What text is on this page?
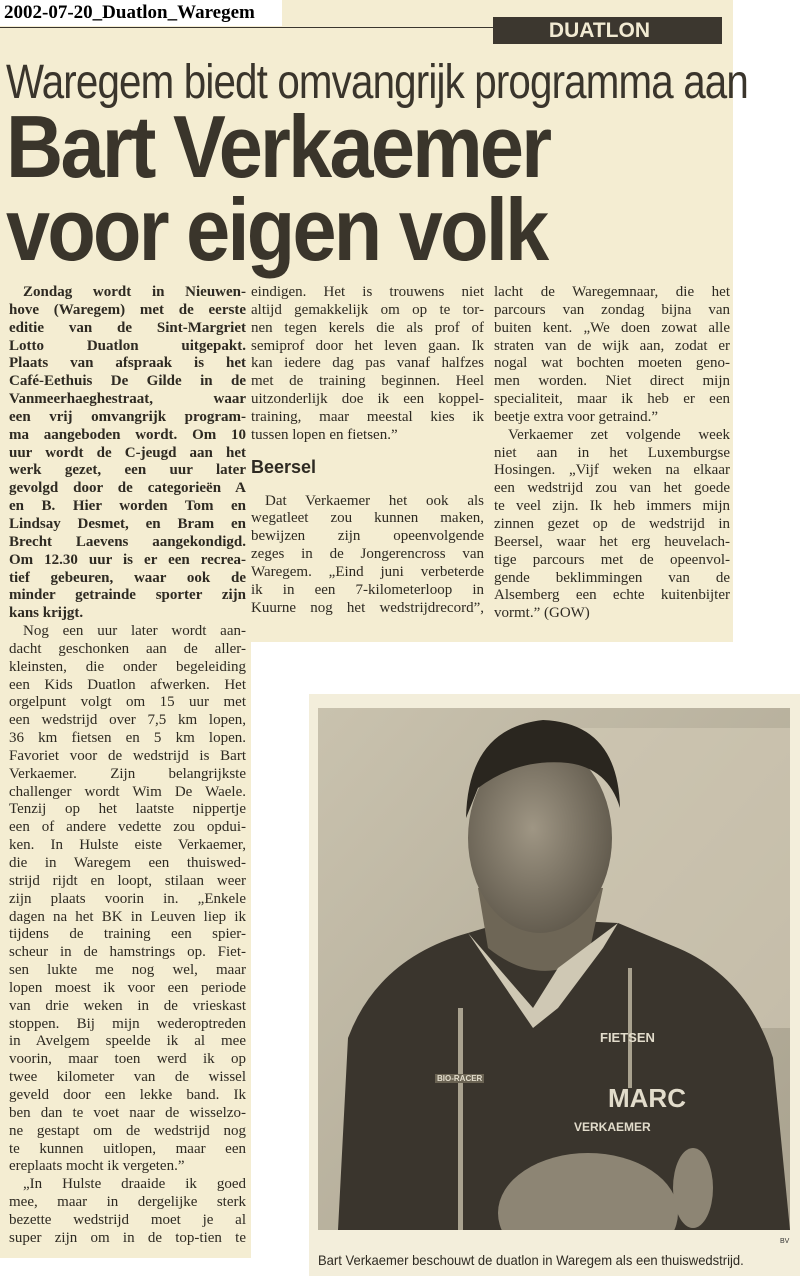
2002-07-20_Duatlon_Waregem
DUATLON
Waregem biedt omvangrijk programma aan
Bart Verkaemer
voor eigen volk
Zondag wordt in Nieuwen-
hove (Waregem) met de eerste
editie van de Sint-Margriet
Lotto Duatlon uitgepakt.
Plaats van afspraak is het
Café-Eethuis De Gilde in de
Vanmeerhaeghestraat, waar
een vrij omvangrijk program-
ma aangeboden wordt. Om 10
uur wordt de C-jeugd aan het
werk gezet, een uur later
gevolgd door de categorieën A
en B. Hier worden Tom en
Lindsay Desmet, en Bram en
Brecht Laevens aangekondigd.
Om 12.30 uur is er een recrea-
tief gebeuren, waar ook de
minder getrainde sporter zijn
kans krijgt.
Nog een uur later wordt aan-
dacht geschonken aan de aller-
kleinsten, die onder begeleiding
een Kids Duatlon afwerken. Het
orgelpunt volgt om 15 uur met
een wedstrijd over 7,5 km lopen,
36 km fietsen en 5 km lopen.
Favoriet voor de wedstrijd is Bart
Verkaemer. Zijn belangrijkste
challenger wordt Wim De Waele.
Tenzij op het laatste nippertje
een of andere vedette zou opdui-
ken. In Hulste eiste Verkaemer,
die in Waregem een thuiswed-
strijd rijdt en loopt, stilaan weer
zijn plaats voorin in. „Enkele
dagen na het BK in Leuven liep ik
tijdens de training een spier-
scheur in de hamstrings op. Fiet-
sen lukte me nog wel, maar
lopen moest ik voor een periode
van drie weken in de vrieskast
stoppen. Bij mijn wederoptreden
in Avelgem speelde ik al mee
voorin, maar toen werd ik op
twee kilometer van de wissel
geveld door een lekke band. Ik
ben dan te voet naar de wisselzo-
ne gestapt om de wedstrijd nog
te kunnen uitlopen, maar een
ereplaats mocht ik vergeten.”
„In Hulste draaide ik goed
mee, maar in dergelijke sterk
bezette wedstrijd moet je al
super zijn om in de top-tien te
eindigen. Het is trouwens niet
altijd gemakkelijk om op te tor-
nen tegen kerels die als prof of
semiprof door het leven gaan. Ik
kan iedere dag pas vanaf halfzes
met de training beginnen. Heel
uitzonderlijk doe ik een koppel-
training, maar meestal kies ik
tussen lopen en fietsen.”
Beersel
Dat Verkaemer het ook als
wegatleet zou kunnen maken,
bewijzen zijn opeenvolgende
zeges in de Jongerencross van
Waregem. „Eind juni verbeterde
ik in een 7-kilometerloop in
Kuurne nog het wedstrijdrecord”,
lacht de Waregemnaar, die het
parcours van zondag bijna van
buiten kent. „We doen zowat alle
straten van de wijk aan, zodat er
nogal wat bochten moeten geno-
men worden. Niet direct mijn
specialiteit, maar ik heb er een
beetje extra voor getraind.”
Verkaemer zet volgende week
niet aan in het Luxemburgse
Hosingen. „Vijf weken na elkaar
een wedstrijd zou van het goede
te veel zijn. Ik heb immers mijn
zinnen gezet op de wedstrijd in
Beersel, waar het erg heuvelach-
tige parcours met de opeenvol-
gende beklimmingen van de
Alsemberg een echte kuitenbijter
vormt.” (GOW)
FIETSEN
MARC
VERKAEMER
BIO-RACER
BV
Bart Verkaemer beschouwt de duatlon in Waregem als een thuiswedstrijd.
